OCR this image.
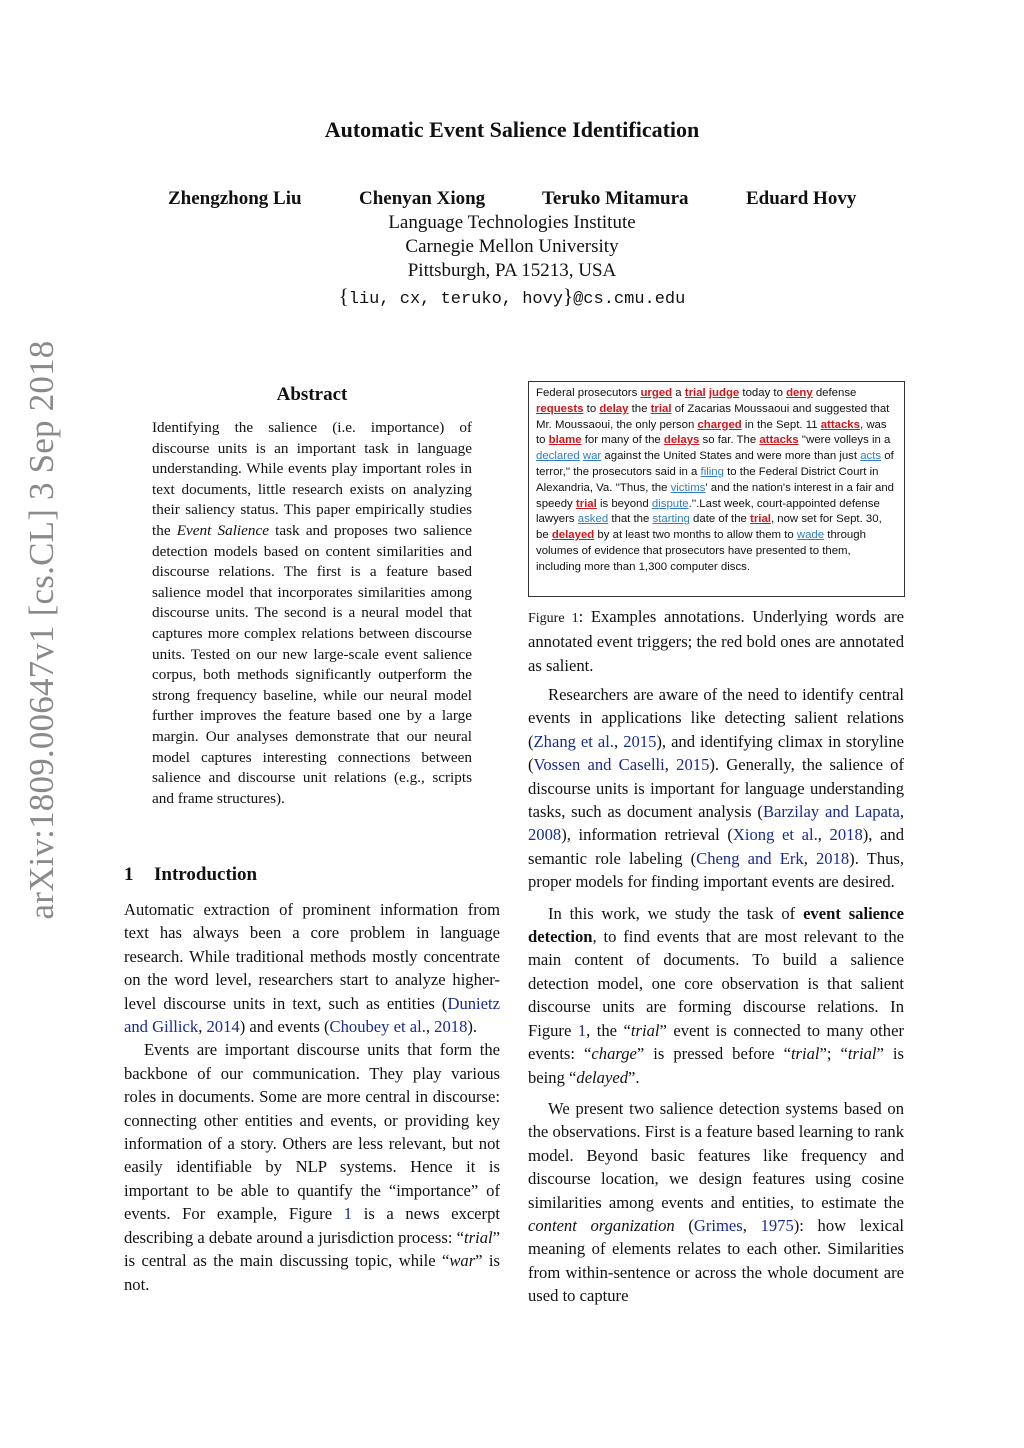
arXiv:1809.00647v1 [cs.CL] 3 Sep 2018
Automatic Event Salience Identification
Zhengzhong Liu	Chenyan Xiong	Teruko Mitamura	Eduard Hovy
Language Technologies Institute
Carnegie Mellon University
Pittsburgh, PA 15213, USA
{liu, cx, teruko, hovy}@cs.cmu.edu
Abstract
Identifying the salience (i.e. importance) of discourse units is an important task in language understanding. While events play important roles in text documents, little research exists on analyzing their saliency status. This paper empirically studies the Event Salience task and proposes two salience detection models based on content similarities and discourse relations. The first is a feature based salience model that incorporates similarities among discourse units. The second is a neural model that captures more complex relations between discourse units. Tested on our new large-scale event salience corpus, both methods significantly outperform the strong frequency baseline, while our neural model further improves the feature based one by a large margin. Our analyses demonstrate that our neural model captures interesting connections between salience and discourse unit relations (e.g., scripts and frame structures).
1 Introduction

Automatic extraction of prominent information from text has always been a core problem in language research. While traditional methods mostly concentrate on the word level, researchers start to analyze higher-level discourse units in text, such as entities (Dunietz and Gillick, 2014) and events (Choubey et al., 2018).

Events are important discourse units that form the backbone of our communication. They play various roles in documents. Some are more central in discourse: connecting other entities and events, or providing key information of a story. Others are less relevant, but not easily identifiable by NLP systems. Hence it is important to be able to quantify the “importance” of events. For example, Figure 1 is a news excerpt describing a debate around a jurisdiction process: “trial” is central as the main discussing topic, while “war” is not.

Federal prosecutors urged a trial judge today to deny defense requests to delay the trial of Zacarias Moussaoui and suggested that Mr. Moussaoui, the only person charged in the Sept. 11 attacks, was to blame for many of the delays so far. The attacks ''were volleys in a declared war against the United States and were more than just acts of terror,'' the prosecutors said in a filing to the Federal District Court in Alexandria, Va. ''Thus, the victims' and the nation's interest in a fair and speedy trial is beyond dispute.''.Last week, court-appointed defense lawyers asked that the starting date of the trial, now set for Sept. 30, be delayed by at least two months to allow them to wade through volumes of evidence that prosecutors have presented to them, including more than 1,300 computer discs.
Figure 1: Examples annotations. Underlying words are annotated event triggers; the red bold ones are annotated as salient.

Researchers are aware of the need to identify central events in applications like detecting salient relations (Zhang et al., 2015), and identifying climax in storyline (Vossen and Caselli, 2015). Generally, the salience of discourse units is important for language understanding tasks, such as document analysis (Barzilay and Lapata, 2008), information retrieval (Xiong et al., 2018), and semantic role labeling (Cheng and Erk, 2018). Thus, proper models for finding important events are desired.

In this work, we study the task of event salience detection, to find events that are most relevant to the main content of documents. To build a salience detection model, one core observation is that salient discourse units are forming discourse relations. In Figure 1, the “trial” event is connected to many other events: “charge” is pressed before “trial”; “trial” is being “delayed”.

We present two salience detection systems based on the observations. First is a feature based learning to rank model. Beyond basic features like frequency and discourse location, we design features using cosine similarities among events and entities, to estimate the content organization (Grimes, 1975): how lexical meaning of elements relates to each other. Similarities from within-sentence or across the whole document are used to capture
